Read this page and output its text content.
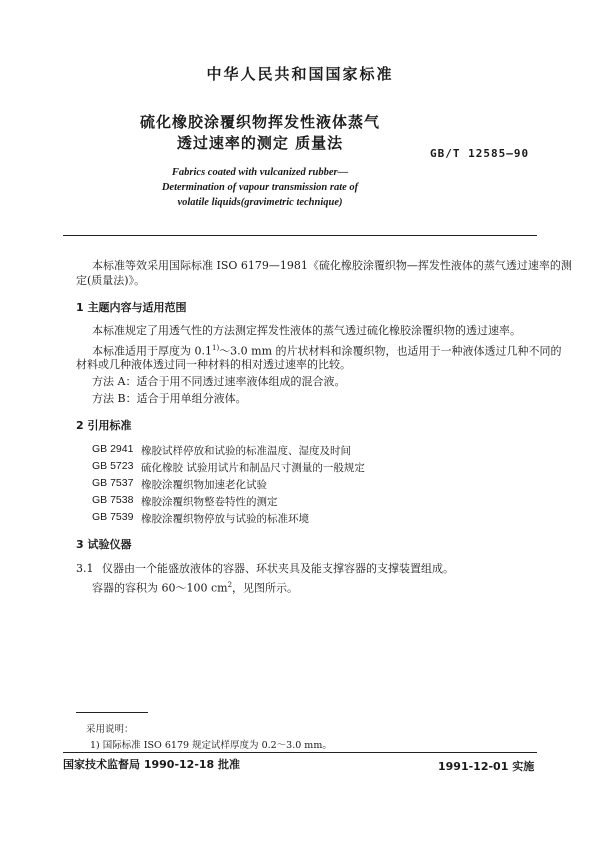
中华人民共和国国家标准
硫化橡胶涂覆织物挥发性液体蒸气
透过速率的测定 质量法
GB/T 12585—90
Fabrics coated with vulcanized rubber—
Determination of vapour transmission rate of
volatile liquids(gravimetric technique)
本标准等效采用国际标准 ISO 6179—1981《硫化橡胶涂覆织物—挥发性液体的蒸气透过速率的测
定(质量法)》。
1 主题内容与适用范围
本标准规定了用透气性的方法测定挥发性液体的蒸气透过硫化橡胶涂覆织物的透过速率。
本标准适用于厚度为 0.1$^{1)}$～3.0 mm 的片状材料和涂覆织物，也适用于一种液体透过几种不同的
材料或几种液体透过同一种材料的相对透过速率的比较。
方法 A：适合于用不同透过速率液体组成的混合液。
方法 B：适合于用单组分液体。
2 引用标准
GB 2941 橡胶试样停放和试验的标准温度、湿度及时间
GB 5723 硫化橡胶 试验用试片和制品尺寸测量的一般规定
GB 7537 橡胶涂覆织物加速老化试验
GB 7538 橡胶涂覆织物整卷特性的测定
GB 7539 橡胶涂覆织物停放与试验的标准环境
3 试验仪器
3.1 仪器由一个能盛放液体的容器、环状夹具及能支撑容器的支撑装置组成。
容器的容积为 60～100 $cm^2$，见图所示。
采用说明：
1) 国际标准 ISO 6179 规定试样厚度为 0.2～3.0 mm。
国家技术监督局 1990-12-18 批准	1991-12-01 实施
